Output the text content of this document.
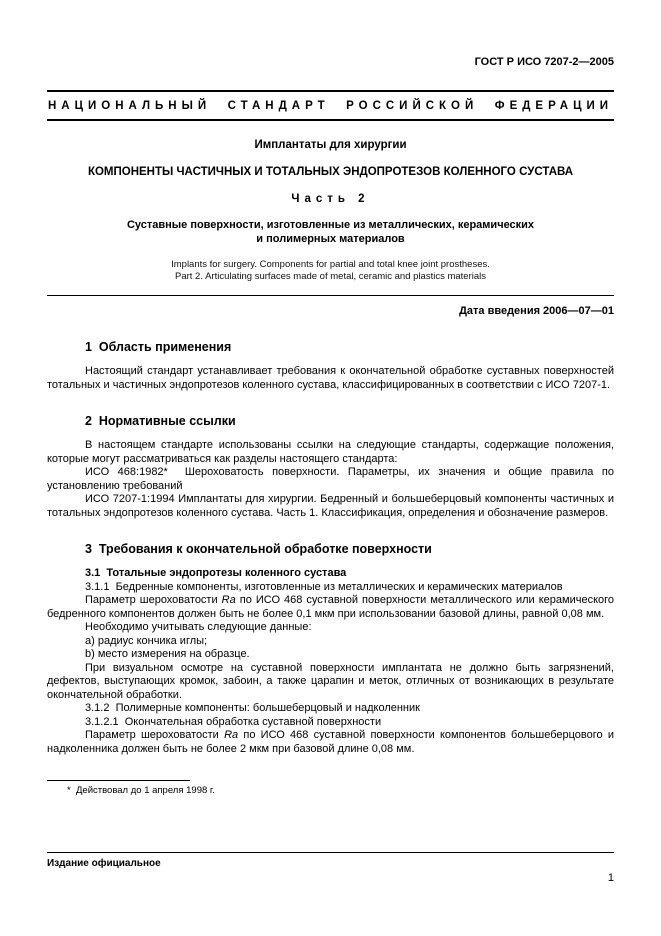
ГОСТ Р ИСО 7207-2—2005
НАЦИОНАЛЬНЫЙ СТАНДАРТ РОССИЙСКОЙ ФЕДЕРАЦИИ
Имплантаты для хирургии
КОМПОНЕНТЫ ЧАСТИЧНЫХ И ТОТАЛЬНЫХ ЭНДОПРОТЕЗОВ КОЛЕННОГО СУСТАВА
Часть 2
Суставные поверхности, изготовленные из металлических, керамических
и полимерных материалов
Implants for surgery. Components for partial and total knee joint prostheses.
Part 2. Articulating surfaces made of metal, ceramic and plastics materials
Дата введения 2006—07—01
1  Область применения

Настоящий стандарт устанавливает требования к окончательной обработке суставных поверхностей тотальных и частичных эндопротезов коленного сустава, классифицированных в соответствии с ИСО 7207-1.

2  Нормативные ссылки

В настоящем стандарте использованы ссылки на следующие стандарты, содержащие положения, которые могут рассматриваться как разделы настоящего стандарта:

ИСО 468:1982*  Шероховатость поверхности. Параметры, их значения и общие правила по установлению требований

ИСО 7207-1:1994 Имплантаты для хирургии. Бедренный и большеберцовый компоненты частичных и тотальных эндопротезов коленного сустава. Часть 1. Классификация, определения и обозначение размеров.

3  Требования к окончательной обработке поверхности

3.1  Тотальные эндопротезы коленного сустава

3.1.1  Бедренные компоненты, изготовленные из металлических и керамических материалов

Параметр шероховатости Ra по ИСО 468 суставной поверхности металлического или керамического бедренного компонентов должен быть не более 0,1 мкм при использовании базовой длины, равной 0,08 мм.

Необходимо учитывать следующие данные:

a) радиус кончика иглы;

b) место измерения на образце.

При визуальном осмотре на суставной поверхности имплантата не должно быть загрязнений, дефектов, выступающих кромок, забоин, а также царапин и меток, отличных от возникающих в результате окончательной обработки.

3.1.2  Полимерные компоненты: большеберцовый и надколенник

3.1.2.1  Окончательная обработка суставной поверхности

Параметр шероховатости Ra по ИСО 468 суставной поверхности компонентов большеберцового и надколенника должен быть не более 2 мкм при базовой длине 0,08 мм.

*  Действовал до 1 апреля 1998 г.
Издание официальное
1
